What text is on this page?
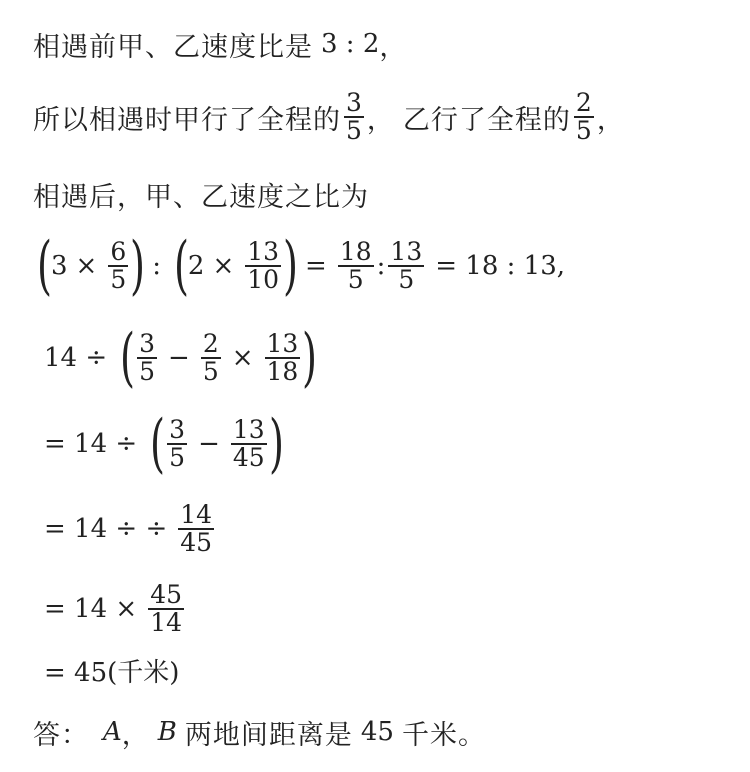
相遇前甲、乙速度比是 3 : 2 ，
所以相遇时甲行了全程的 $\frac{3}{5}$ ， 乙行了全程的 $\frac{2}{5}$ ，
相遇后，甲、乙速度之比为
(
$3 \times \frac{6}{5}$ ) : (
$2 \times \frac{13}{10}$ ) = $\frac{18}{5}$ : $\frac{13}{5} = 18$ : 13,
14 ÷ ( $\frac{3}{5} - \frac{2}{5} \times \frac{13}{18}$ )
= 14 ÷ ( $\frac{3}{5} - \frac{13}{45}$ )
= 14 ÷ ÷ $\frac{14}{45}$
= $14 \times \frac{45}{14}$
= 45(千米)
答： A ， B 两地间距离是 45 千米。
